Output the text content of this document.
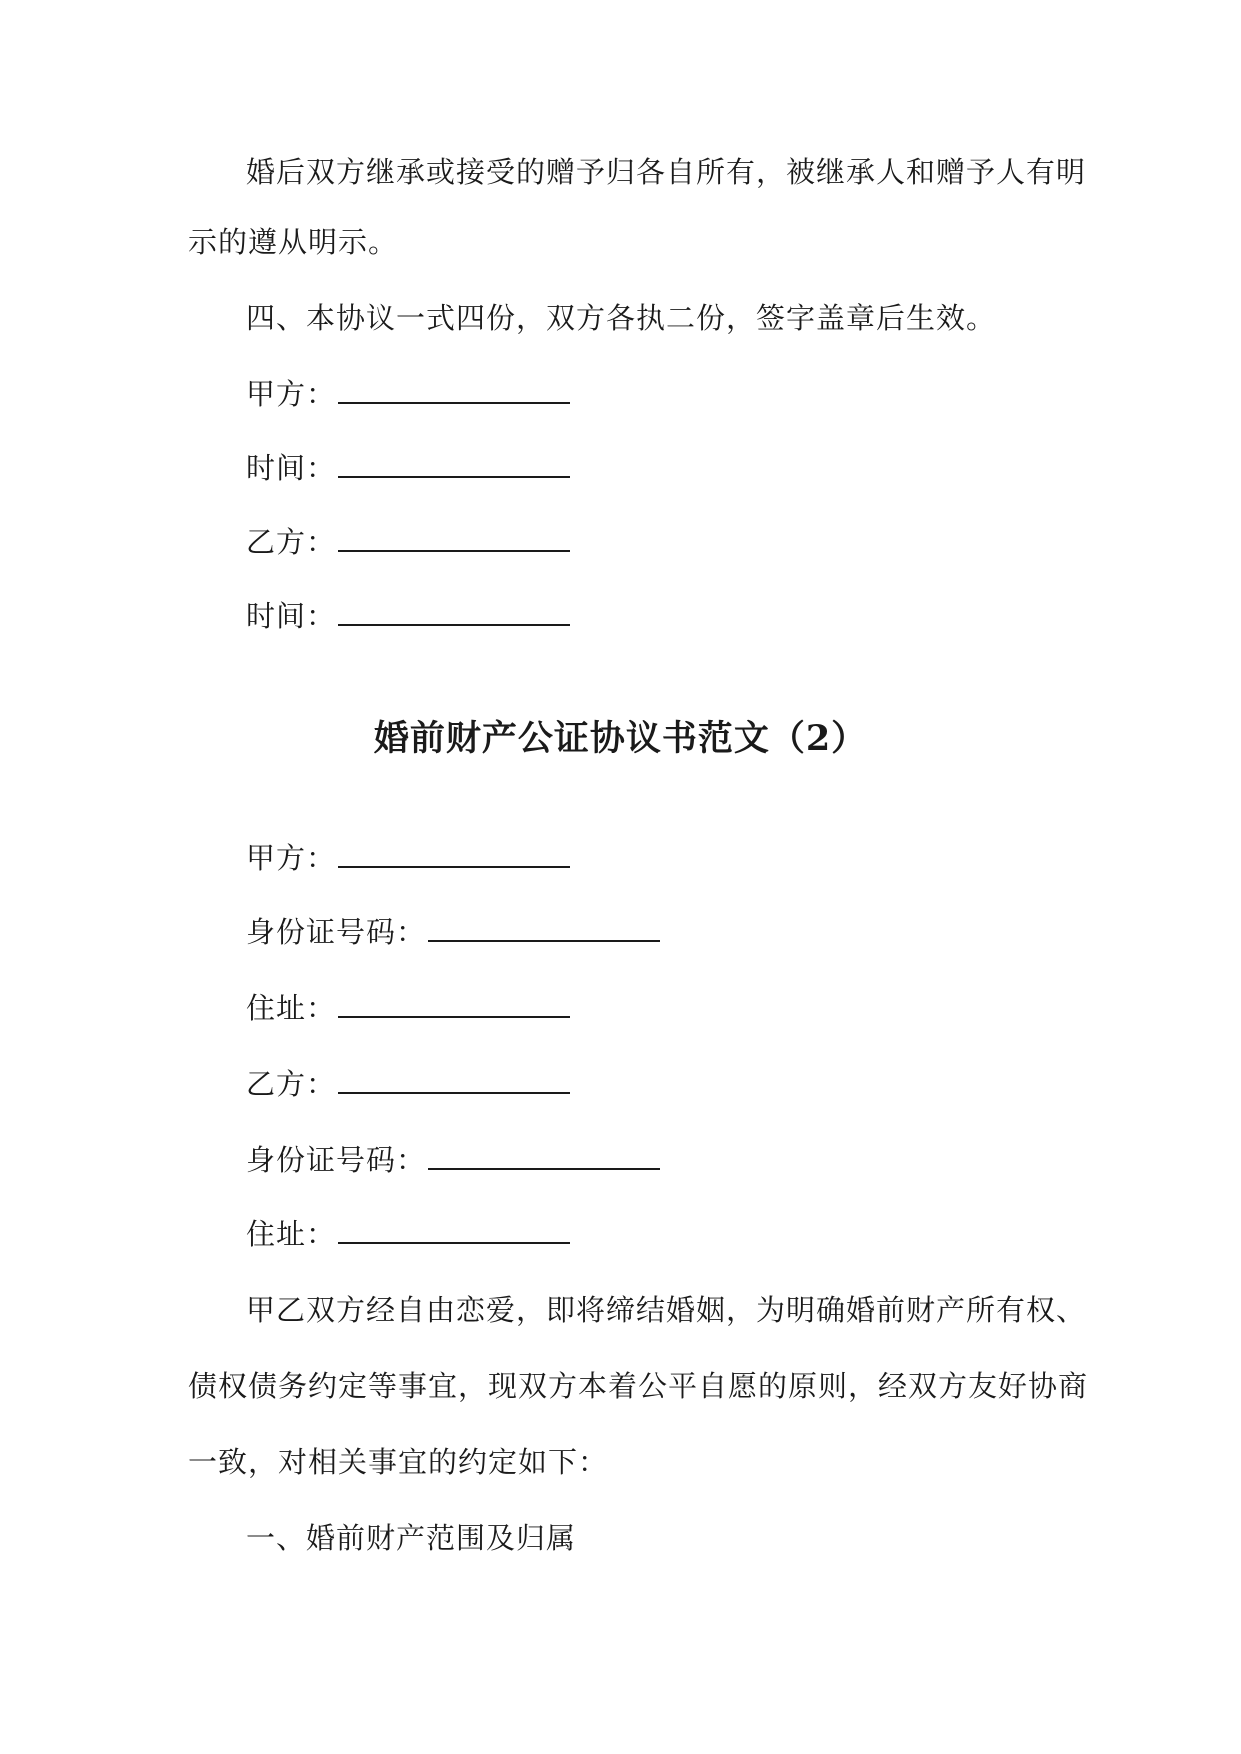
婚后双方继承或接受的赠予归各自所有，被继承人和赠予人有明
示的遵从明示。
四、本协议一式四份，双方各执二份，签字盖章后生效。
甲方：
时间：
乙方：
时间：
婚前财产公证协议书范文（2）
甲方：
身份证号码：
住址：
乙方：
身份证号码：
住址：
甲乙双方经自由恋爱，即将缔结婚姻，为明确婚前财产所有权、
债权债务约定等事宜，现双方本着公平自愿的原则，经双方友好协商
一致，对相关事宜的约定如下：
一、婚前财产范围及归属
